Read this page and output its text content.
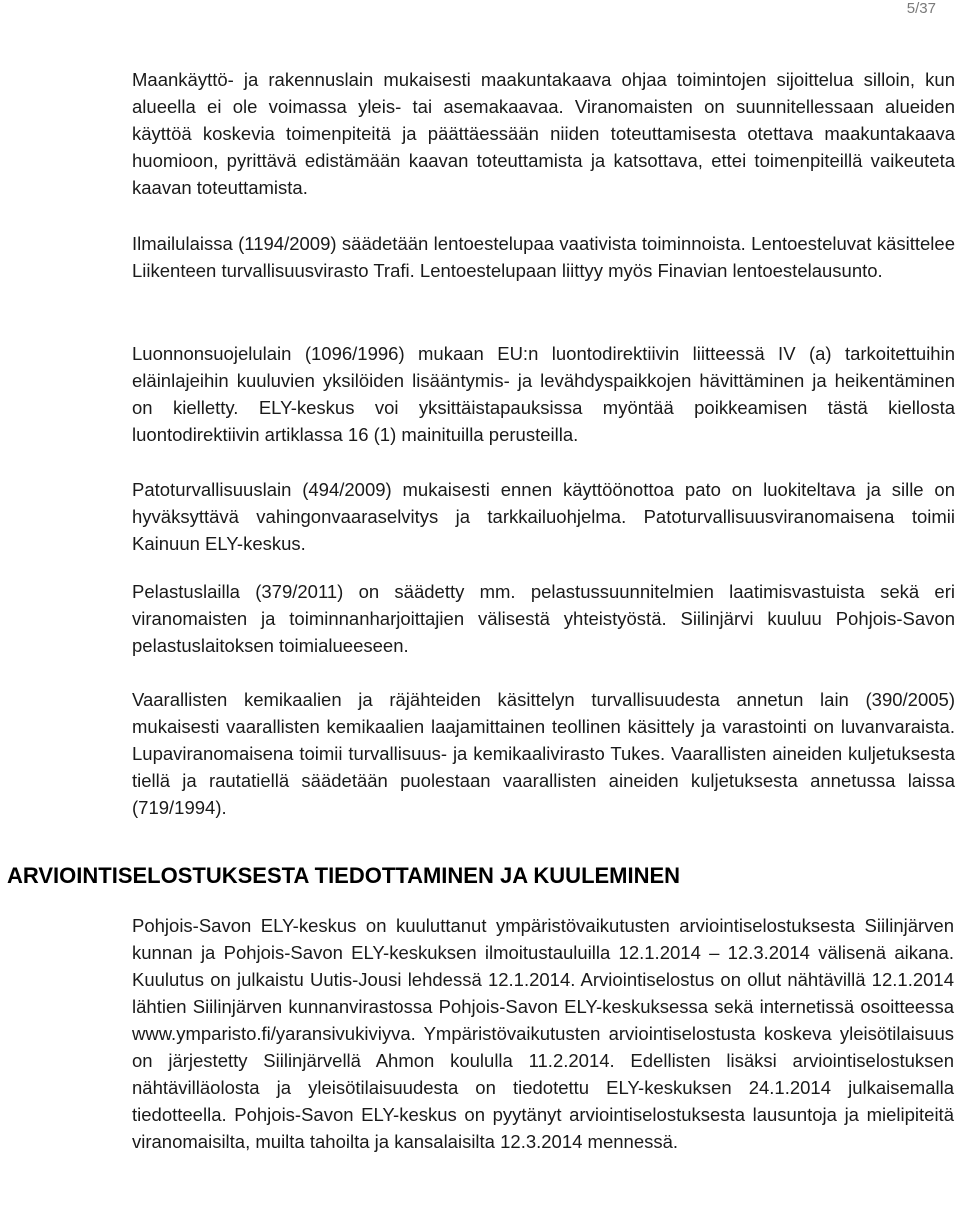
5/37

Maankäyttö- ja rakennuslain mukaisesti maakuntakaava ohjaa toimintojen sijoittelua silloin, kun alueella ei ole voimassa yleis- tai asemakaavaa. Viranomaisten on suunnitellessaan alueiden käyttöä koskevia toimenpiteitä ja päättäessään niiden toteuttamisesta otettava maakuntakaava huomioon, pyrittävä edistämään kaavan toteuttamista ja katsottava, ettei toimenpiteillä vaikeuteta kaavan toteuttamista.

Ilmailulaissa (1194/2009) säädetään lentoestelupaa vaativista toiminnoista. Lentoesteluvat käsittelee Liikenteen turvallisuusvirasto Trafi. Lentoestelupaan liittyy myös Finavian lentoestelausunto.

Luonnonsuojelulain (1096/1996) mukaan EU:n luontodirektiivin liitteessä IV (a) tarkoitettuihin eläinlajeihin kuuluvien yksilöiden lisääntymis- ja levähdyspaikkojen hävittäminen ja heikentäminen on kielletty. ELY-keskus voi yksittäistapauksissa myöntää poikkeamisen tästä kiellosta luontodirektiivin artiklassa 16 (1) mainituilla perusteilla.

Patoturvallisuuslain (494/2009) mukaisesti ennen käyttöönottoa pato on luokiteltava ja sille on hyväksyttävä vahingonvaaraselvitys ja tarkkailuohjelma. Patoturvallisuusviranomaisena toimii Kainuun ELY-keskus.

Pelastuslailla (379/2011) on säädetty mm. pelastussuunnitelmien laatimisvastuista sekä eri viranomaisten ja toiminnanharjoittajien välisestä yhteistyöstä. Siilinjärvi kuuluu Pohjois-Savon pelastuslaitoksen toimialueeseen.

Vaarallisten kemikaalien ja räjähteiden käsittelyn turvallisuudesta annetun lain (390/2005) mukaisesti vaarallisten kemikaalien laajamittainen teollinen käsittely ja varastointi on luvanvaraista. Lupaviranomaisena toimii turvallisuus- ja kemikaalivirasto Tukes. Vaarallisten aineiden kuljetuksesta tiellä ja rautatiellä säädetään puolestaan vaarallisten aineiden kuljetuksesta annetussa laissa (719/1994).

ARVIOINTISELOSTUKSESTA TIEDOTTAMINEN JA KUULEMINEN

Pohjois-Savon ELY-keskus on kuuluttanut ympäristövaikutusten arviointiselostuksesta Siilinjärven kunnan ja Pohjois-Savon ELY-keskuksen ilmoitustauluilla 12.1.2014 – 12.3.2014 välisenä aikana. Kuulutus on julkaistu Uutis-Jousi lehdessä 12.1.2014. Arviointiselostus on ollut nähtävillä 12.1.2014 lähtien Siilinjärven kunnanvirastossa Pohjois-Savon ELY-keskuksessa sekä internetissä osoitteessa www.ymparisto.fi/yaransivukiviyva. Ympäristövaikutusten arviointiselostusta koskeva yleisötilaisuus on järjestetty Siilinjärvellä Ahmon koululla 11.2.2014. Edellisten lisäksi arviointiselostuksen nähtävilläolosta ja yleisötilaisuudesta on tiedotettu ELY-keskuksen 24.1.2014 julkaisemalla tiedotteella. Pohjois-Savon ELY-keskus on pyytänyt arviointiselostuksesta lausuntoja ja mielipiteitä viranomaisilta, muilta tahoilta ja kansalaisilta 12.3.2014 mennessä.
